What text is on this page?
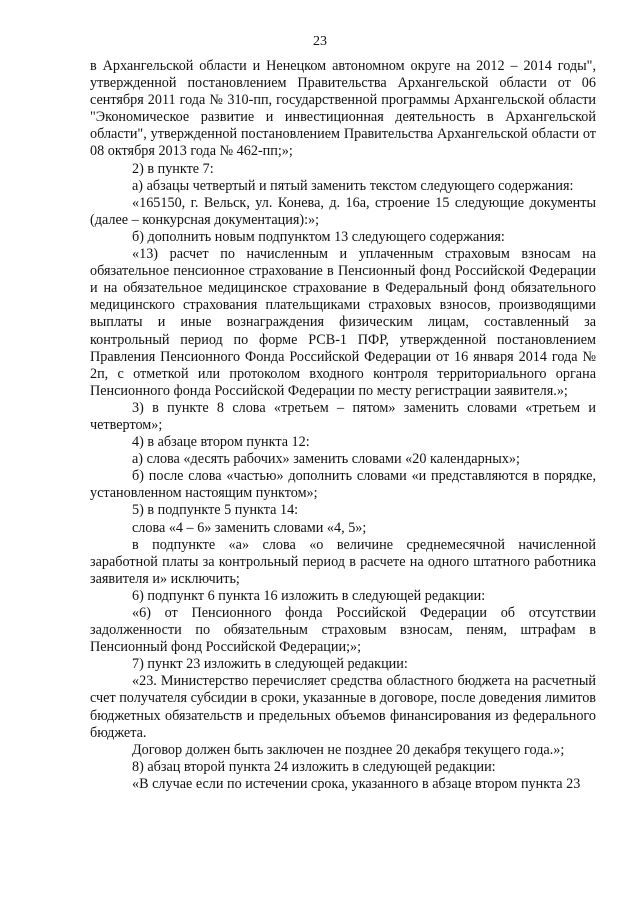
23

в Архангельской области и Ненецком автономном округе на 2012 – 2014 годы", утвержденной постановлением Правительства Архангельской области от 06 сентября 2011 года № 310-пп, государственной программы Архангельской области "Экономическое развитие и инвестиционная деятельность в Архангельской области", утвержденной постановлением Правительства Архангельской области от 08 октября 2013 года № 462-пп;»;

2) в пункте 7:

а) абзацы четвертый и пятый заменить текстом следующего содержания:

«165150, г. Вельск, ул. Конева, д. 16а, строение 15 следующие документы (далее – конкурсная документация):»;

б) дополнить новым подпунктом 13 следующего содержания:

«13) расчет по начисленным и уплаченным страховым взносам на обязательное пенсионное страхование в Пенсионный фонд Российской Федерации и на обязательное медицинское страхование в Федеральный фонд обязательного медицинского страхования плательщиками страховых взносов, производящими выплаты и иные вознаграждения физическим лицам, составленный за контрольный период по форме РСВ-1 ПФР, утвержденной постановлением Правления Пенсионного Фонда Российской Федерации от 16 января 2014 года № 2п, с отметкой или протоколом входного контроля территориального органа Пенсионного фонда Российской Федерации по месту регистрации заявителя.»;

3) в пункте 8 слова «третьем – пятом» заменить словами «третьем и четвертом»;

4) в абзаце втором пункта 12:

а) слова «десять рабочих» заменить словами «20 календарных»;

б) после слова «частью» дополнить словами «и представляются в порядке, установленном настоящим пунктом»;

5) в подпункте 5 пункта 14:

слова «4 – 6» заменить словами «4, 5»;

в подпункте «а» слова «о величине среднемесячной начисленной заработной платы за контрольный период в расчете на одного штатного работника заявителя и» исключить;

6) подпункт 6 пункта 16 изложить в следующей редакции:

«6) от Пенсионного фонда Российской Федерации об отсутствии задолженности по обязательным страховым взносам, пеням, штрафам в Пенсионный фонд Российской Федерации;»;

7) пункт 23 изложить в следующей редакции:

«23. Министерство перечисляет средства областного бюджета на расчетный счет получателя субсидии в сроки, указанные в договоре, после доведения лимитов бюджетных обязательств и предельных объемов финансирования из федерального бюджета.

Договор должен быть заключен не позднее 20 декабря текущего года.»;

8) абзац второй пункта 24 изложить в следующей редакции:

«В случае если по истечении срока, указанного в абзаце втором пункта 23
